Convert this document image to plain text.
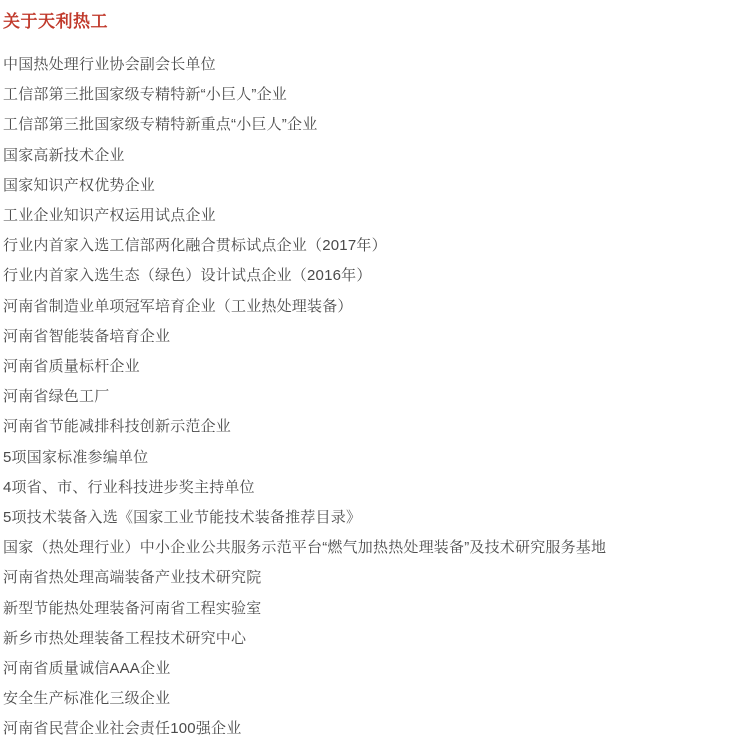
关于天利热工
中国热处理行业协会副会长单位
工信部第三批国家级专精特新“小巨人”企业
工信部第三批国家级专精特新重点“小巨人”企业
国家高新技术企业
国家知识产权优势企业
工业企业知识产权运用试点企业
行业内首家入选工信部两化融合贯标试点企业（2017年）
行业内首家入选生态（绿色）设计试点企业（2016年）
河南省制造业单项冠军培育企业（工业热处理装备）
河南省智能装备培育企业
河南省质量标杆企业
河南省绿色工厂
河南省节能减排科技创新示范企业
5项国家标准参编单位
4项省、市、行业科技进步奖主持单位
5项技术装备入选《国家工业节能技术装备推荐目录》
国家（热处理行业）中小企业公共服务示范平台“燃气加热热处理装备”及技术研究服务基地
河南省热处理高端装备产业技术研究院
新型节能热处理装备河南省工程实验室
新乡市热处理装备工程技术研究中心
河南省质量诚信AAA企业
安全生产标准化三级企业
河南省民营企业社会责任100强企业
